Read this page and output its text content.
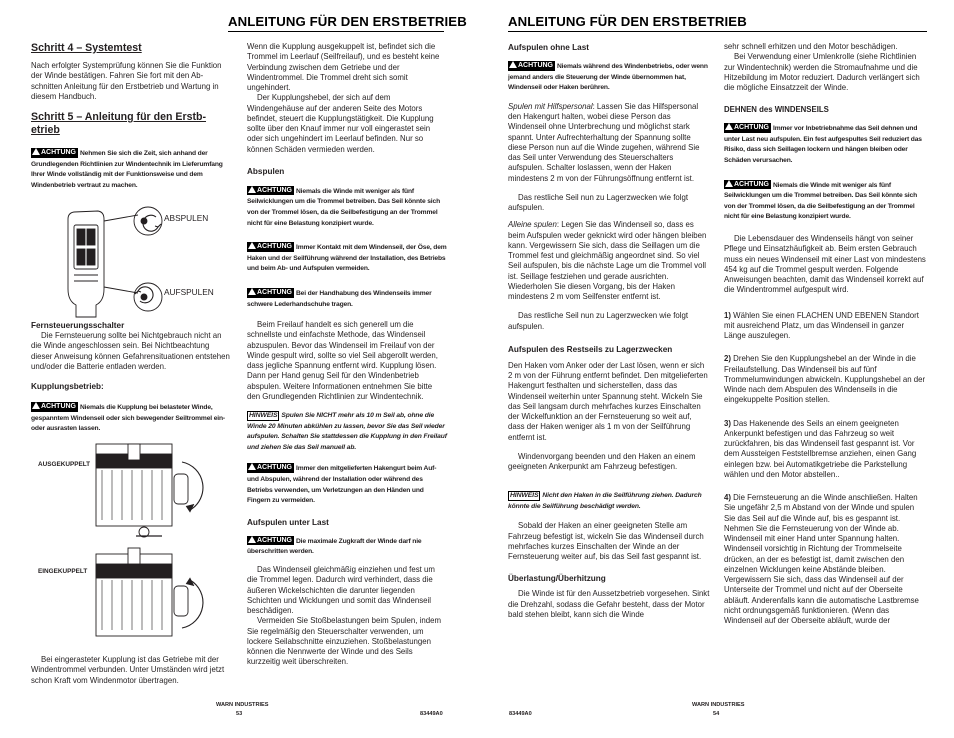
ANLEITUNG FÜR DEN ERSTBETRIEB

Schritt 4 – Systemtest

Nach erfolgter Systemprüfung können Sie die Funktion der Winde bestätigen. Fahren Sie fort mit den Ab-schnitten Anleitung für den Erstbetrieb und Wartung in diesem Handbuch.

Schritt 5 – Anleitung für den Erstb-etrieb

ACHTUNG Nehmen Sie sich die Zeit, sich anhand der Grundlegenden Richtlinien zur Windentechnik im Lieferumfang Ihrer Winde vollständig mit der Funktionsweise und dem Windenbetrieb vertraut zu machen.

ABSPULEN
AUFSPULEN

Fernsteuerungsschalter

Die Fernsteuerung sollte bei Nichtgebrauch nicht an die Winde angeschlossen sein. Bei Nichtbeachtung dieser Anweisung können Gefahrensituationen entstehen und/oder die Batterie entladen werden.

Kupplungsbetrieb:

ACHTUNG Niemals die Kupplung bei belasteter Winde, gespanntem Windenseil oder sich bewegender Seiltrommel ein- oder ausrasten lassen.

AUSGEKUPPELT
EINGEKUPPELT

Bei eingerasteter Kupplung ist das Getriebe mit der Windentrommel verbunden. Unter Umständen wird jetzt schon Kraft vom Windenmotor übertragen.

Wenn die Kupplung ausgekuppelt ist, befindet sich die Trommel im Leerlauf (Seilfreilauf), und es besteht keine Verbindung zwischen dem Getriebe und der Windentrommel. Die Trommel dreht sich somit ungehindert.

Der Kupplungshebel, der sich auf dem Windengehäuse auf der anderen Seite des Motors befindet, steuert die Kupplungstätigkeit. Die Kupplung sollte über den Knauf immer nur voll eingerastet sein oder sich ungehindert im Leerlauf befinden. Nur so können Schäden vermieden werden.

Abspulen

ACHTUNG Niemals die Winde mit weniger als fünf Seilwicklungen um die Trommel betreiben. Das Seil könnte sich von der Trommel lösen, da die Seilbefestigung an der Trommel nicht für eine Belastung konzipiert wurde.

ACHTUNG Immer Kontakt mit dem Windenseil, der Öse, dem Haken und der Seilführung während der Installation, des Betriebs und beim Ab- und Aufspulen vermeiden.

ACHTUNG Bei der Handhabung des Windenseils immer schwere Lederhandschuhe tragen.

Beim Freilauf handelt es sich generell um die schnellste und einfachste Methode, das Windenseil abzuspulen. Bevor das Windenseil im Freilauf von der Winde gespult wird, sollte so viel Seil abgerollt werden, dass jegliche Spannung entfernt wird. Kupplung lösen. Dann per Hand genug Seil für den Windenbetrieb abspulen. Weitere Informationen entnehmen Sie bitte den Grundlegenden Richtlinien zur Windentechnik.

HINWEIS Spulen Sie NICHT mehr als 10 m Seil ab, ohne die Winde 20 Minuten abkühlen zu lassen, bevor Sie das Seil wieder aufspulen. Schalten Sie stattdessen die Kupplung in den Freilauf und ziehen Sie das Seil manuell ab.

ACHTUNG Immer den mitgelieferten Hakengurt beim Auf- und Abspulen, während der Installation oder während des Betriebs verwenden, um Verletzungen an den Händen und Fingern zu vermeiden.

Aufspulen unter Last

ACHTUNG Die maximale Zugkraft der Winde darf nie überschritten werden.

Das Windenseil gleichmäßig einziehen und fest um die Trommel legen. Dadurch wird verhindert, dass die äußeren Wickelschichten die darunter liegenden Schichten und Wicklungen und somit das Windenseil beschädigen.

Vermeiden Sie Stoßbelastungen beim Spulen, indem Sie regelmäßig den Steuerschalter verwenden, um lockere Seilabschnitte einzuziehen. Stoßbelastungen können die Nennwerte der Winde und des Seils kurzzeitig weit überschreiten.

WARN INDUSTRIES
53	83449A0
ANLEITUNG FÜR DEN ERSTBETRIEB

Aufspulen ohne Last

ACHTUNG Niemals während des Windenbetriebs, oder wenn jemand anders die Steuerung der Winde übernommen hat, Windenseil oder Haken berühren.

Spulen mit Hilfspersonal: Lassen Sie das Hilfspersonal den Hakengurt halten, wobei diese Person das Windenseil ohne Unterbrechung und möglichst stark spannt. Unter Aufrechterhaltung der Spannung sollte diese Person nun auf die Winde zugehen, während Sie das Seil unter Verwendung des Steuerschalters aufspulen. Schalter loslassen, wenn der Haken mindestens 2 m von der Führungsöffnung entfernt ist.

Das restliche Seil nun zu Lagerzwecken wie folgt aufspulen.

Alleine spulen: Legen Sie das Windenseil so, dass es beim Aufspulen weder geknickt wird oder hängen bleiben kann. Vergewissern Sie sich, dass die Seillagen um die Trommel fest und gleichmäßig angeordnet sind. So viel Seil aufspulen, bis die nächste Lage um die Trommel voll ist. Seillage festziehen und gerade ausrichten. Wiederholen Sie diesen Vorgang, bis der Haken mindestens 2 m vom Seilfenster entfernt ist.

Das restliche Seil nun zu Lagerzwecken wie folgt aufspulen.

Aufspulen des Restseils zu Lagerzwecken

Den Haken vom Anker oder der Last lösen, wenn er sich 2 m von der Führung entfernt befindet. Den mitgelieferten Hakengurt festhalten und sicherstellen, dass das Windenseil weiterhin unter Spannung steht. Wickeln Sie das Seil langsam durch mehrfaches kurzes Einschalten der Wickelfunktion an der Fernsteuerung so weit auf, dass der Haken weniger als 1 m von der Seilführung entfernt ist.

Windenvorgang beenden und den Haken an einem geeigneten Ankerpunkt am Fahrzeug befestigen.

HINWEIS Nicht den Haken in die Seilführung ziehen. Dadurch könnte die Seilführung beschädigt werden.

Sobald der Haken an einer geeigneten Stelle am Fahrzeug befestigt ist, wickeln Sie das Windenseil durch mehrfaches kurzes Einschalten der Winde an der Fernsteuerung weiter auf, bis das Seil fast gespannt ist.

Überlastung/Überhitzung

Die Winde ist für den Aussetzbetrieb vorgesehen. Sinkt die Drehzahl, sodass die Gefahr besteht, dass der Motor bald stehen bleibt, kann sich die Winde

sehr schnell erhitzen und den Motor beschädigen.

Bei Verwendung einer Umlenkrolle (siehe Richtlinien zur Windentechnik) werden die Stromaufnahme und die Hitzebildung im Motor reduziert. Dadurch verlängert sich die mögliche Einsatzzeit der Winde.

DEHNEN des WINDENSEILS

ACHTUNG Immer vor Inbetriebnahme das Seil dehnen und unter Last neu aufspulen. Ein fest aufgespultes Seil reduziert das Risiko, dass sich Seillagen lockern und hängen bleiben oder Schäden verursachen.

ACHTUNG Niemals die Winde mit weniger als fünf Seilwicklungen um die Trommel betreiben. Das Seil könnte sich von der Trommel lösen, da die Seilbefestigung an der Trommel nicht für eine Belastung konzipiert wurde.

Die Lebensdauer des Windenseils hängt von seiner Pflege und Einsatzhäufigkeit ab. Beim ersten Gebrauch muss ein neues Windenseil mit einer Last von mindestens 454 kg auf die Trommel gespult werden. Folgende Anweisungen beachten, damit das Windenseil korrekt auf die Windentrommel aufgespult wird.

1) Wählen Sie einen FLACHEN UND EBENEN Standort mit ausreichend Platz, um das Windenseil in ganzer Länge auszulegen.

2) Drehen Sie den Kupplungshebel an der Winde in die Freilaufstellung. Das Windenseil bis auf fünf Trommelumwindungen abwickeln. Kupplungshebel an der Winde nach dem Abspulen des Windenseils in die eingekuppelte Position stellen.

3) Das Hakenende des Seils an einem geeigneten Ankerpunkt befestigen und das Fahrzeug so weit zurückfahren, bis das Windenseil fast gespannt ist. Vor dem Aussteigen Feststellbremse anziehen, einen Gang einlegen bzw. bei Automatikgetriebe die Parkstellung wählen und den Motor abstellen..

4) Die Fernsteuerung an die Winde anschließen. Halten Sie ungefähr 2,5 m Abstand von der Winde und spulen Sie das Seil auf die Winde auf, bis es gespannt ist. Nehmen Sie die Fernsteuerung von der Winde ab. Windenseil mit einer Hand unter Spannung halten. Windenseil vorsichtig in Richtung der Trommelseite drücken, an der es befestigt ist, damit zwischen den einzelnen Wicklungen keine Abstände bleiben. Vergewissern Sie sich, dass das Windenseil auf der Unterseite der Trommel und nicht auf der Oberseite abläuft. Anderenfalls kann die automatische Lastbremse nicht ordnungsgemäß funktionieren. (Wenn das Windenseil auf der Oberseite abläuft, wurde der

WARN INDUSTRIES
54
83449A0
